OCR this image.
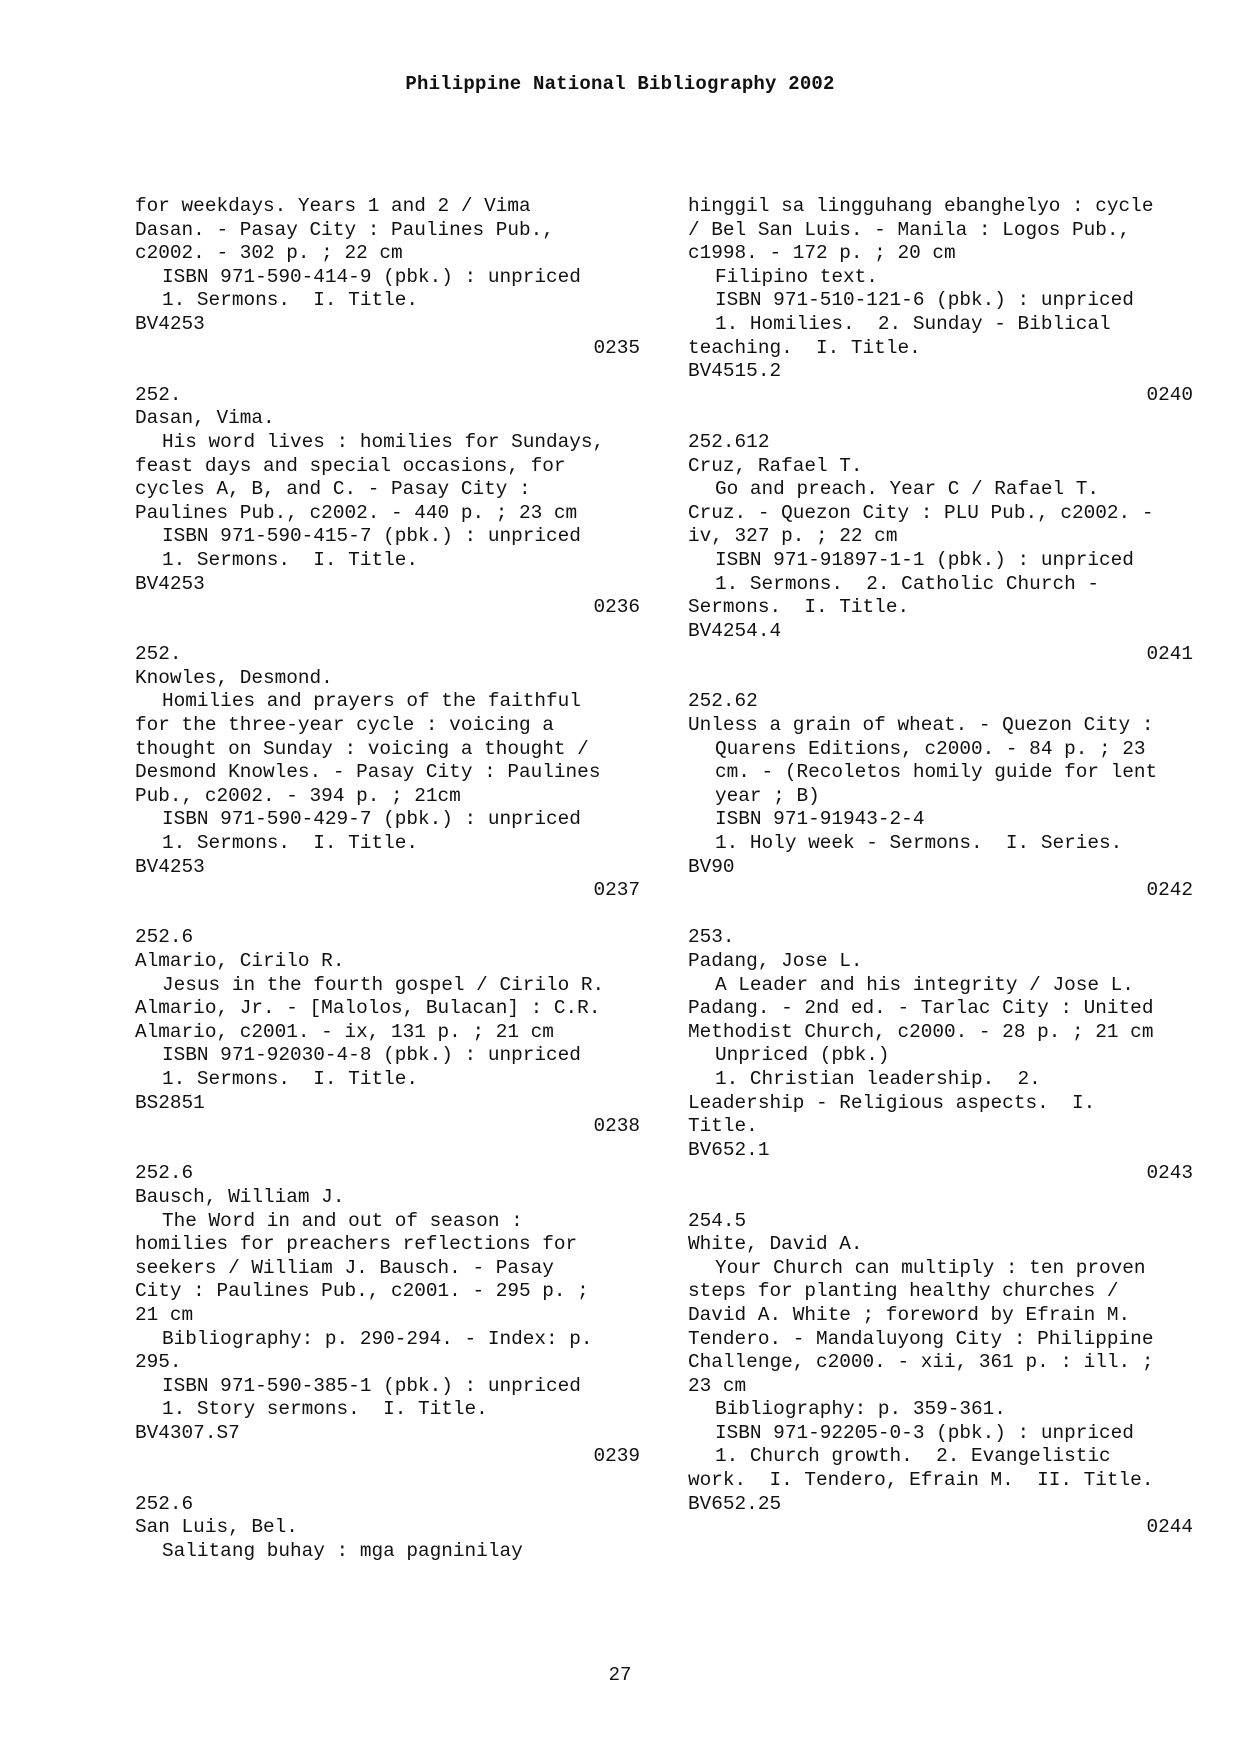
Philippine National Bibliography 2002
for weekdays. Years 1 and 2 / Vima
Dasan. - Pasay City : Paulines Pub.,
c2002. - 302 p. ; 22 cm
ISBN 971-590-414-9 (pbk.) : unpriced
1. Sermons.  I. Title.
BV4253
0235
252.
Dasan, Vima.
His word lives : homilies for Sundays,
feast days and special occasions, for
cycles A, B, and C. - Pasay City :
Paulines Pub., c2002. - 440 p. ; 23 cm
ISBN 971-590-415-7 (pbk.) : unpriced
1. Sermons.  I. Title.
BV4253
0236
252.
Knowles, Desmond.
Homilies and prayers of the faithful
for the three-year cycle : voicing a
thought on Sunday : voicing a thought /
Desmond Knowles. - Pasay City : Paulines
Pub., c2002. - 394 p. ; 21cm
ISBN 971-590-429-7 (pbk.) : unpriced
1. Sermons.  I. Title.
BV4253
0237
252.6
Almario, Cirilo R.
Jesus in the fourth gospel / Cirilo R.
Almario, Jr. - [Malolos, Bulacan] : C.R.
Almario, c2001. - ix, 131 p. ; 21 cm
ISBN 971-92030-4-8 (pbk.) : unpriced
1. Sermons.  I. Title.
BS2851
0238
252.6
Bausch, William J.
The Word in and out of season :
homilies for preachers reflections for
seekers / William J. Bausch. - Pasay
City : Paulines Pub., c2001. - 295 p. ;
21 cm
Bibliography: p. 290-294. - Index: p.
295.
ISBN 971-590-385-1 (pbk.) : unpriced
1. Story sermons.  I. Title.
BV4307.S7
0239
252.6
San Luis, Bel.
Salitang buhay : mga pagninilay
hinggil sa lingguhang ebanghelyo : cycle
/ Bel San Luis. - Manila : Logos Pub.,
c1998. - 172 p. ; 20 cm
Filipino text.
ISBN 971-510-121-6 (pbk.) : unpriced
1. Homilies.  2. Sunday - Biblical
teaching.  I. Title.
BV4515.2
0240
252.612
Cruz, Rafael T.
Go and preach. Year C / Rafael T.
Cruz. - Quezon City : PLU Pub., c2002. -
iv, 327 p. ; 22 cm
ISBN 971-91897-1-1 (pbk.) : unpriced
1. Sermons.  2. Catholic Church -
Sermons.  I. Title.
BV4254.4
0241
252.62
Unless a grain of wheat. - Quezon City :
Quarens Editions, c2000. - 84 p. ; 23
cm. - (Recoletos homily guide for lent
year ; B)
ISBN 971-91943-2-4
1. Holy week - Sermons.  I. Series.
BV90
0242
253.
Padang, Jose L.
A Leader and his integrity / Jose L.
Padang. - 2nd ed. - Tarlac City : United
Methodist Church, c2000. - 28 p. ; 21 cm
Unpriced (pbk.)
1. Christian leadership.  2.
Leadership - Religious aspects.  I.
Title.
BV652.1
0243
254.5
White, David A.
Your Church can multiply : ten proven
steps for planting healthy churches /
David A. White ; foreword by Efrain M.
Tendero. - Mandaluyong City : Philippine
Challenge, c2000. - xii, 361 p. : ill. ;
23 cm
Bibliography: p. 359-361.
ISBN 971-92205-0-3 (pbk.) : unpriced
1. Church growth.  2. Evangelistic
work.  I. Tendero, Efrain M.  II. Title.
BV652.25
0244
27
